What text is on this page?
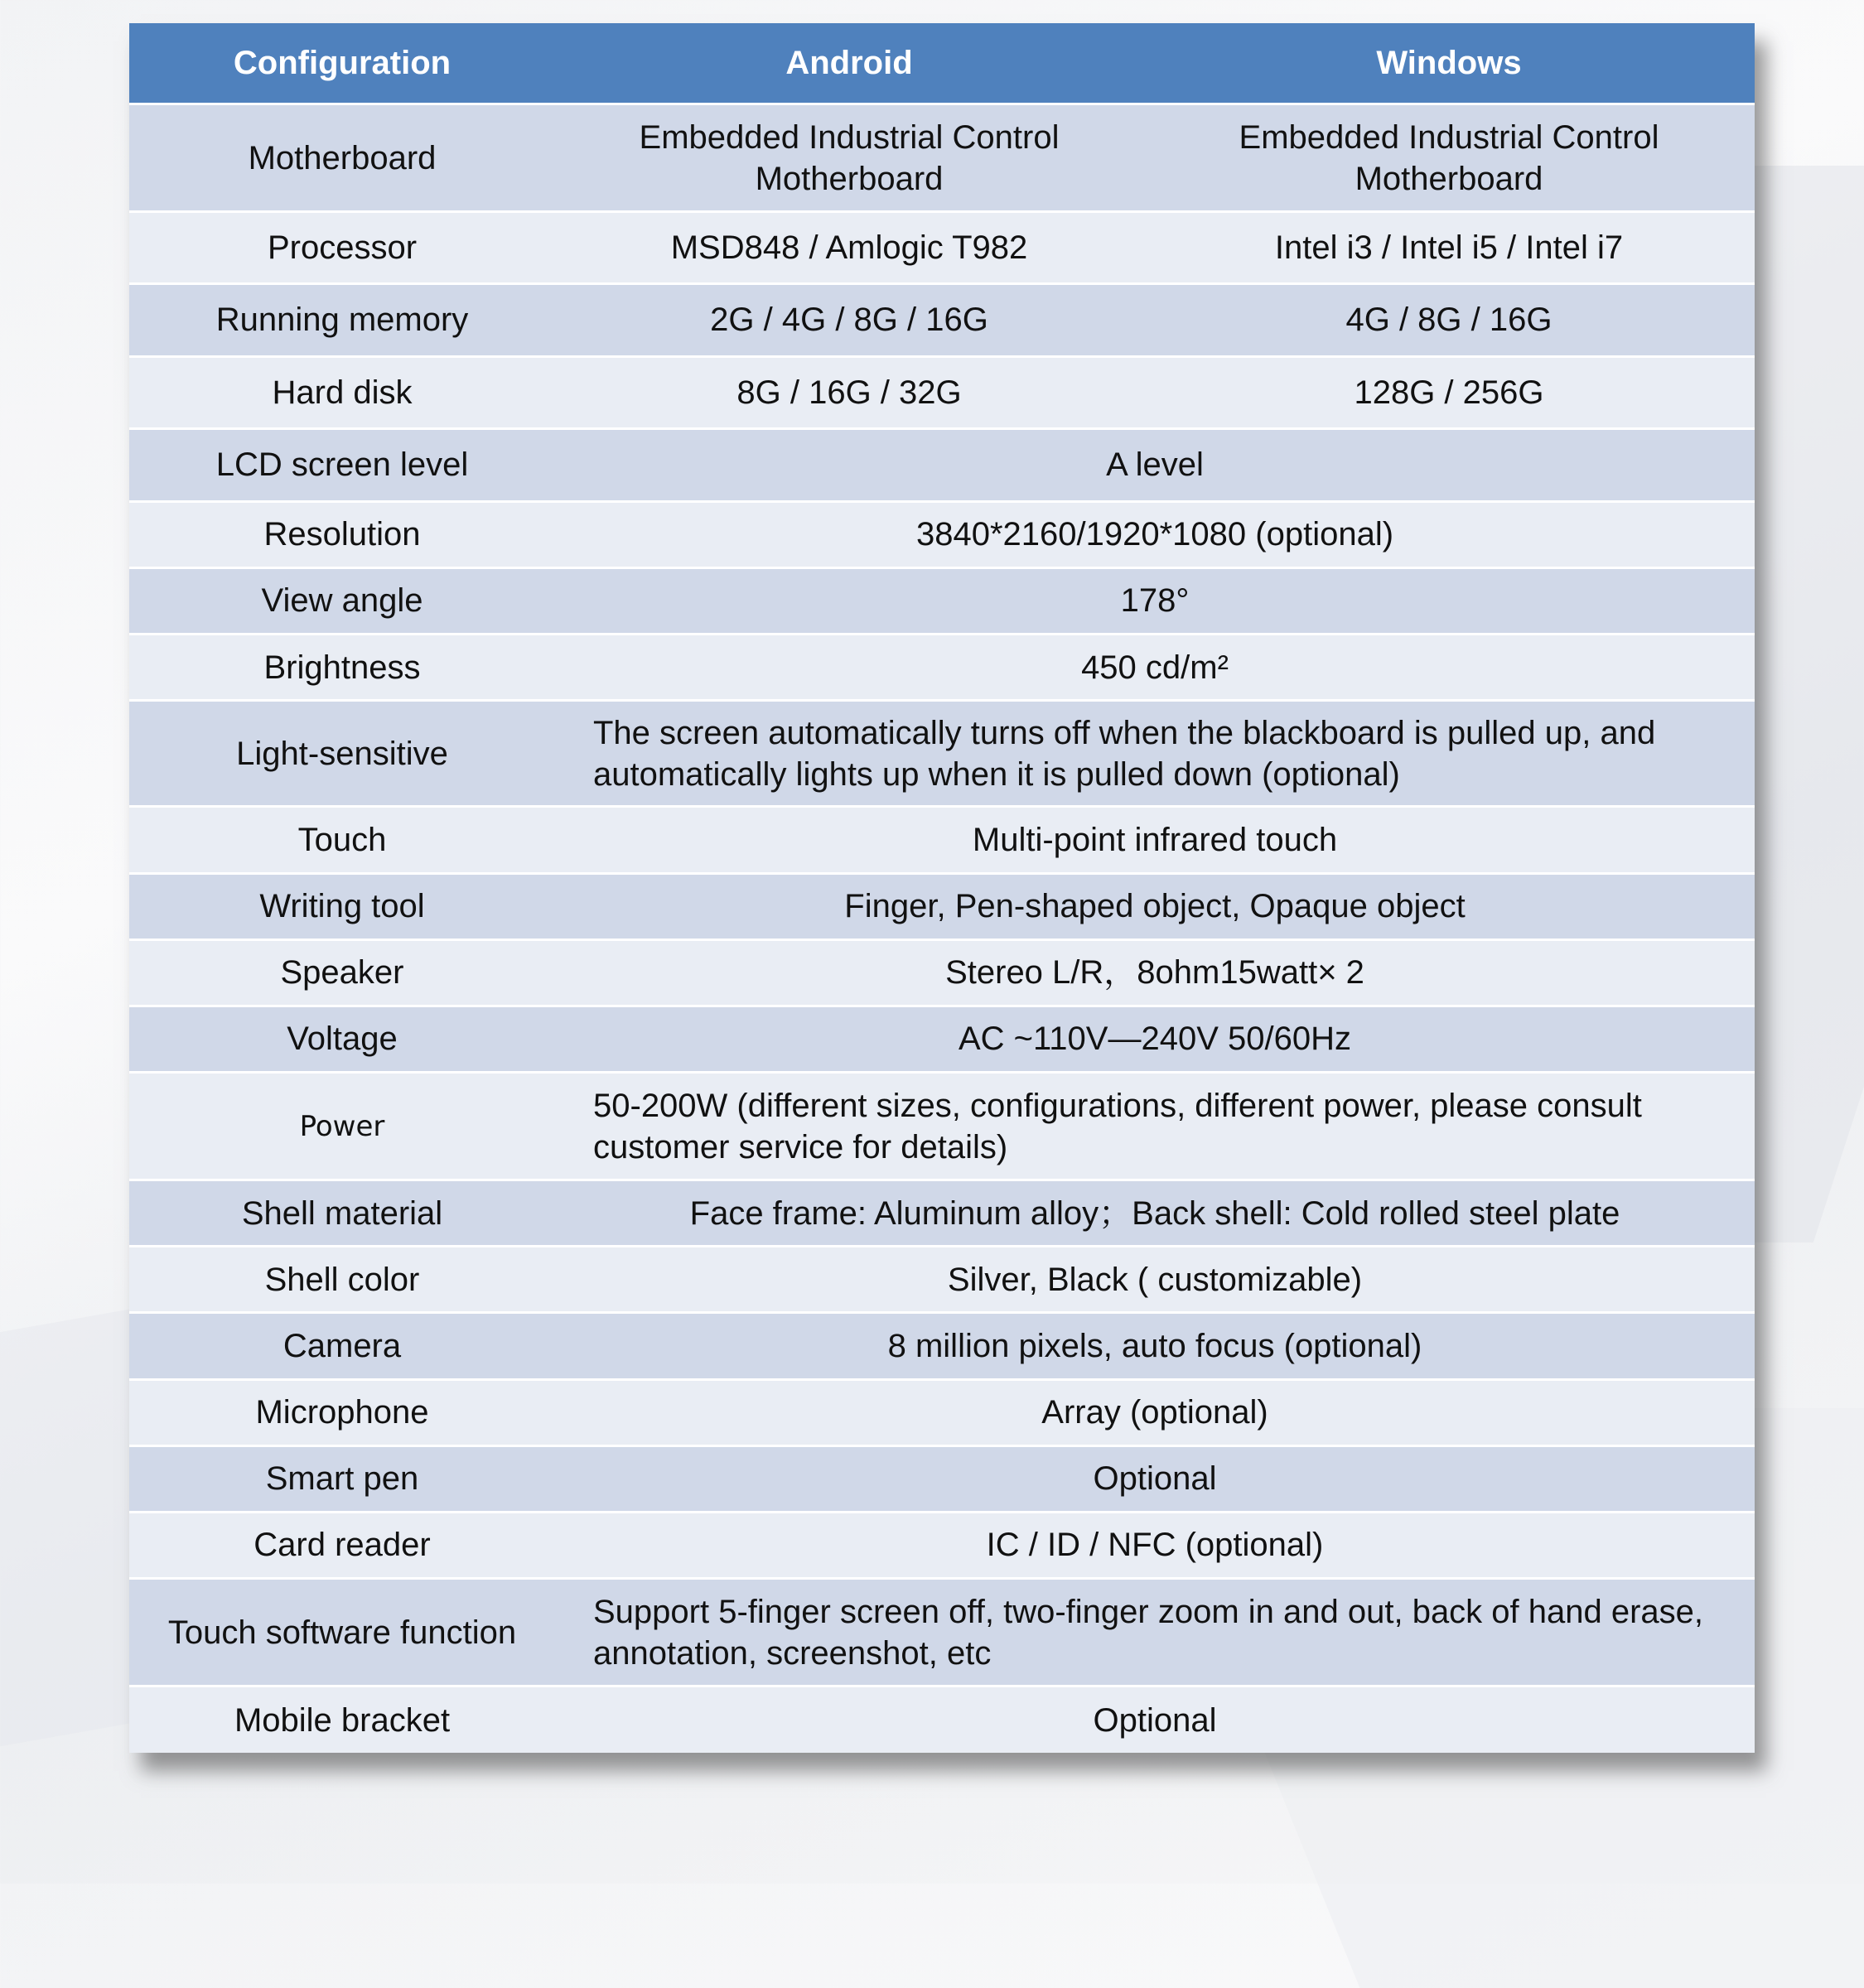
Configuration	Android	Windows
Motherboard	Embedded Industrial Control Motherboard	Embedded Industrial Control Motherboard
Processor	MSD848 / Amlogic T982	Intel i3 / Intel i5 / Intel i7
Running memory	2G / 4G / 8G / 16G	4G / 8G / 16G
Hard disk	8G / 16G / 32G	128G / 256G
LCD screen level	A level	
Resolution	3840*2160/1920*1080 (optional)	
View angle	178°	
Brightness	450 cd/m²	
Light-sensitive	The screen automatically turns off when the blackboard is pulled up, and automatically lights up when it is pulled down (optional)	
Touch	Multi-point infrared touch	
Writing tool	Finger, Pen-shaped object, Opaque object	
Speaker	Stereo L/R，8ohm15watt× 2	
Voltage	AC ~110V—240V 50/60Hz	
Power	50-200W (different sizes, configurations, different power, please consult customer service for details)	
Shell material	Face frame: Aluminum alloy；Back shell: Cold rolled steel plate	
Shell color	Silver, Black ( customizable)	
Camera	8 million pixels, auto focus (optional)	
Microphone	Array (optional)	
Smart pen	Optional	
Card reader	IC / ID / NFC (optional)	
Touch software function	Support 5-finger screen off, two-finger zoom in and out, back of hand erase, annotation, screenshot, etc	
Mobile bracket	Optional	
